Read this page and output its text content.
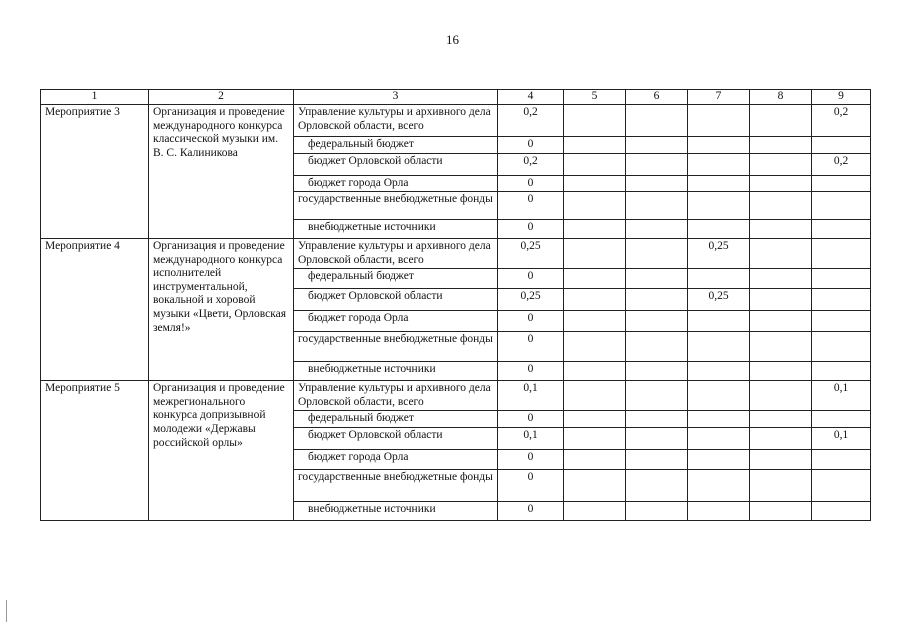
16
1	2	3	4	5	6	7	8	9
Мероприятие 3	Организация и проведение международного конкурса классической музыки им. В. С. Калиникова	Управление культуры и архивного дела Орловской области, всего	0,2					0,2
		федеральный бюджет	0					
		бюджет Орловской области	0,2					0,2
		бюджет города Орла	0					
		государственные внебюджетные фонды	0					
		внебюджетные источники	0					
Мероприятие 4	Организация и проведение международного конкурса исполнителей инструментальной, вокальной и хоровой музыки «Цвети, Орловская земля!»	Управление культуры и архивного дела Орловской области, всего	0,25			0,25		
		федеральный бюджет	0					
		бюджет Орловской области	0,25			0,25		
		бюджет города Орла	0					
		государственные внебюджетные фонды	0					
		внебюджетные источники	0					
Мероприятие 5	Организация и проведение межрегионального конкурса допризывной молодежи «Державы российской орлы»	Управление культуры и архивного дела Орловской области, всего	0,1					0,1
		федеральный бюджет	0					
		бюджет Орловской области	0,1					0,1
		бюджет города Орла	0					
		государственные внебюджетные фонды	0					
		внебюджетные источники	0					
